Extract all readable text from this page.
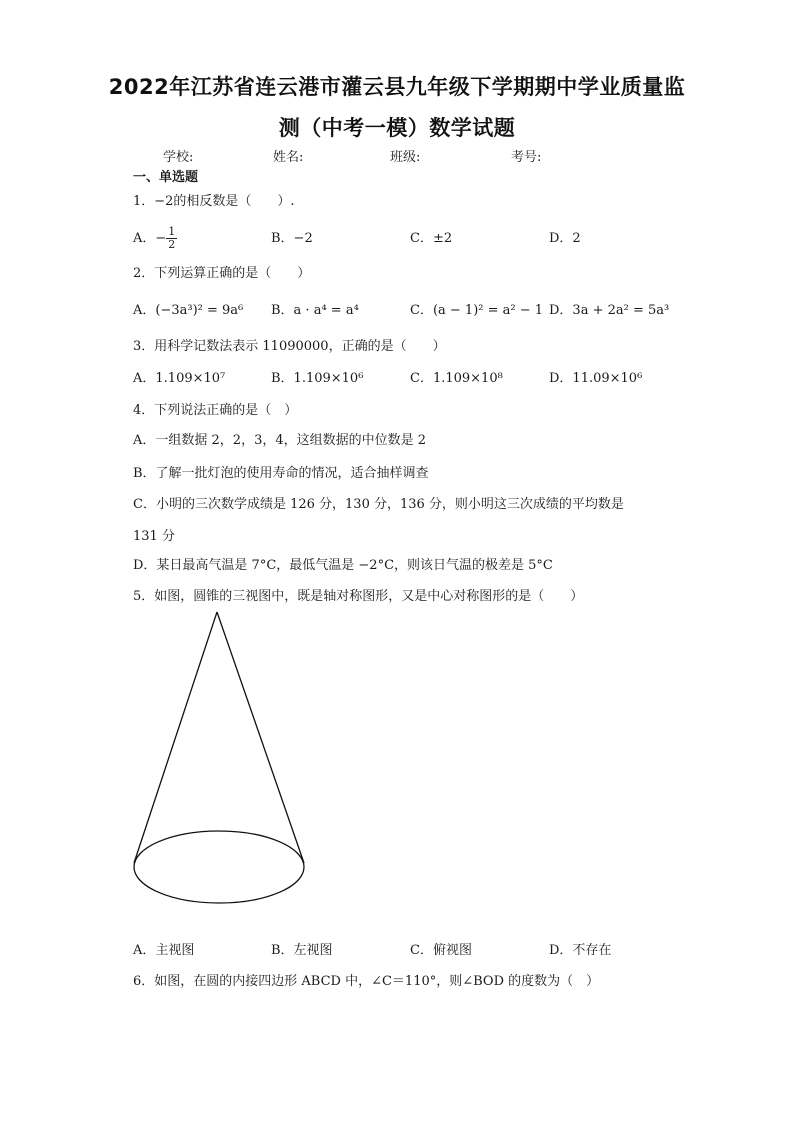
2022年江苏省连云港市灌云县九年级下学期期中学业质量监
测（中考一模）数学试题
学校:	姓名:	班级:	考号:
一、单选题
1．−2的相反数是（　　）.
A．− $\frac{1}{2}$	B．−2	C．±2	D．2
2．下列运算正确的是（　　）
A．(−3a³)² = 9a⁶ B．a · a⁴ = a⁴	C．(a − 1)² = a² − 1 D．3a + 2a² = 5a³
3．用科学记数法表示 11090000，正确的是（　　）
A．1.109×10⁷	B．1.109×10⁶	C．1.109×10⁸	D．11.09×10⁶
4．下列说法正确的是（　）
A．一组数据 2，2，3，4，这组数据的中位数是 2
B．了解一批灯泡的使用寿命的情况，适合抽样调查
C．小明的三次数学成绩是 126 分，130 分，136 分，则小明这三次成绩的平均数是
131 分
D．某日最高气温是 7°C，最低气温是 −2°C，则该日气温的极差是 5°C
5．如图，圆锥的三视图中，既是轴对称图形，又是中心对称图形的是（　　）
A．主视图	B．左视图	C．俯视图	D．不存在
6．如图，在圆的内接四边形 ABCD 中，∠C＝110°，则∠BOD 的度数为（　）
